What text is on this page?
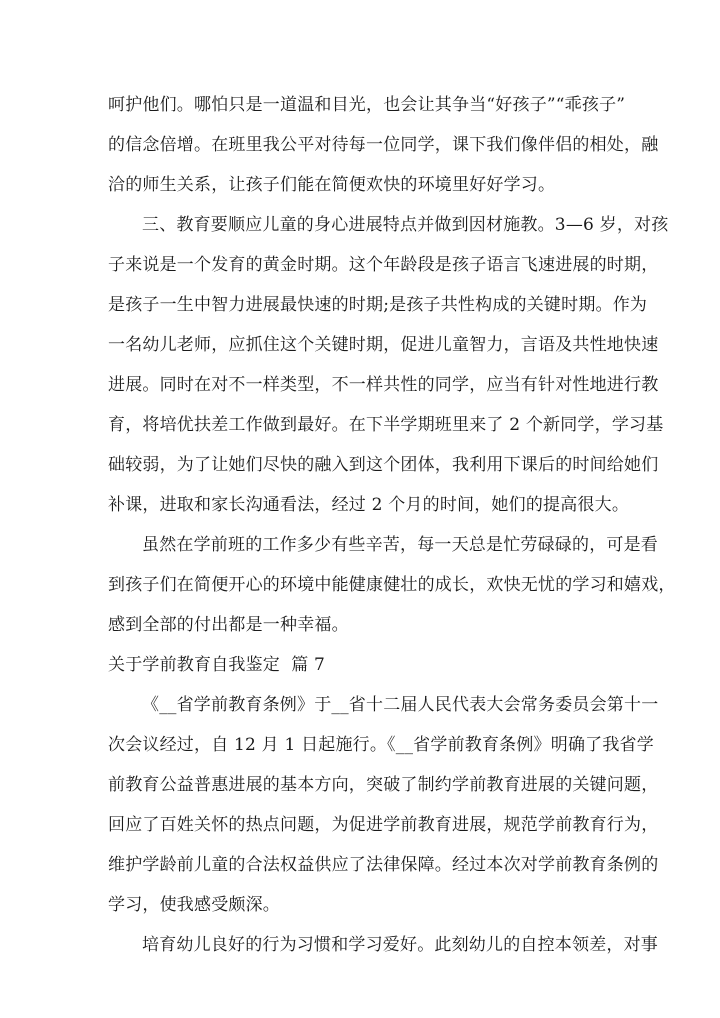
呵护他们。哪怕只是一道温和目光，也会让其争当“好孩子”“乖孩子”
的信念倍增。在班里我公平对待每一位同学，课下我们像伴侣的相处，融
洽的师生关系，让孩子们能在简便欢快的环境里好好学习。
三、教育要顺应儿童的身心进展特点并做到因材施教。3—6 岁，对孩
子来说是一个发育的黄金时期。这个年龄段是孩子语言飞速进展的时期，
是孩子一生中智力进展最快速的时期;是孩子共性构成的关键时期。作为
一名幼儿老师，应抓住这个关键时期，促进儿童智力，言语及共性地快速
进展。同时在对不一样类型，不一样共性的同学，应当有针对性地进行教
育，将培优扶差工作做到最好。在下半学期班里来了 2 个新同学，学习基
础较弱，为了让她们尽快的融入到这个团体，我利用下课后的时间给她们
补课，进取和家长沟通看法，经过 2 个月的时间，她们的提高很大。
虽然在学前班的工作多少有些辛苦，每一天总是忙劳碌碌的，可是看
到孩子们在简便开心的环境中能健康健壮的成长，欢快无忧的学习和嬉戏，
感到全部的付出都是一种幸福。
关于学前教育自我鉴定  篇 7
《__省学前教育条例》于__省十二届人民代表大会常务委员会第十一
次会议经过，自 12 月 1 日起施行。《__省学前教育条例》明确了我省学
前教育公益普惠进展的基本方向，突破了制约学前教育进展的关键问题，
回应了百姓关怀的热点问题，为促进学前教育进展，规范学前教育行为，
维护学龄前儿童的合法权益供应了法律保障。经过本次对学前教育条例的
学习，使我感受颇深。
培育幼儿良好的行为习惯和学习爱好。此刻幼儿的自控本领差，对事
